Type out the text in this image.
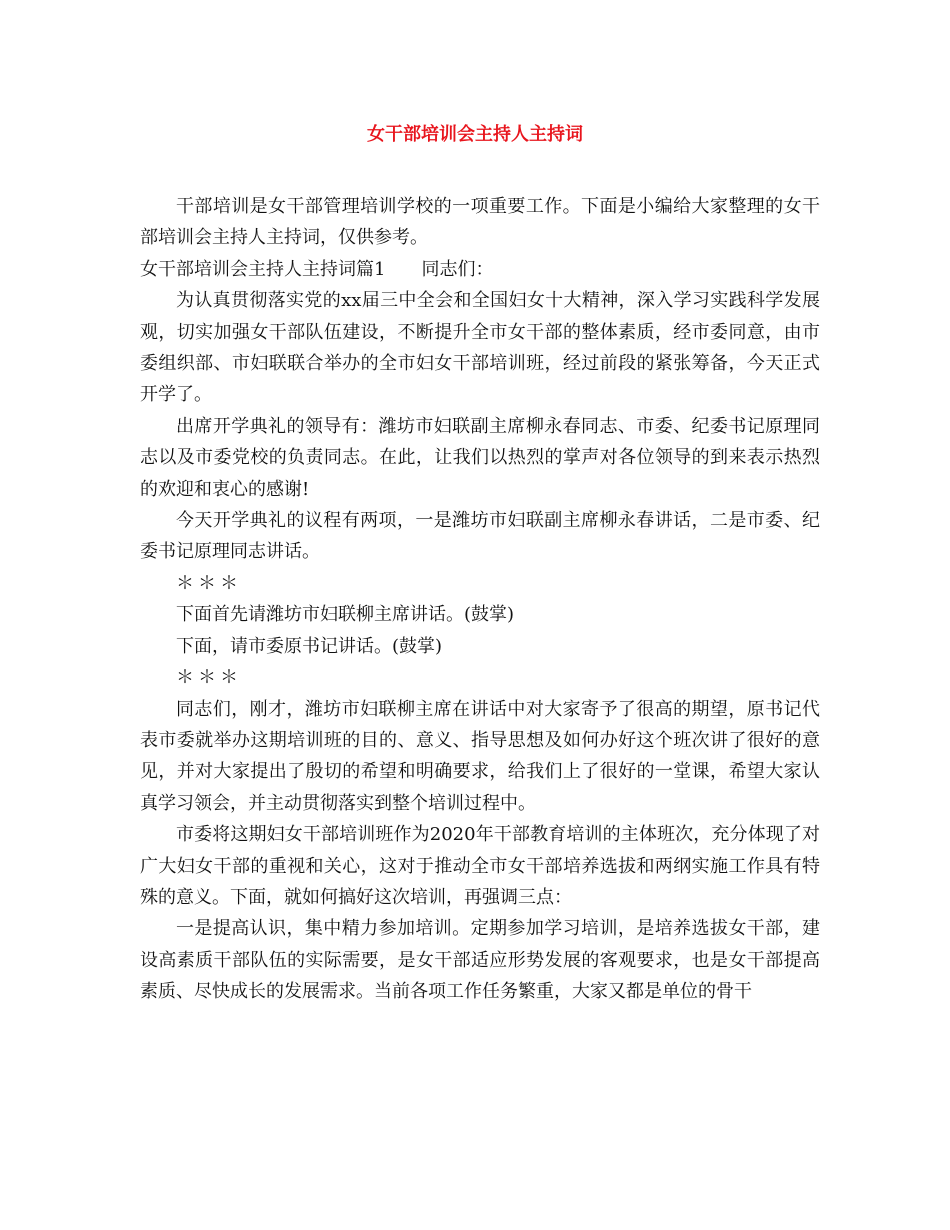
女干部培训会主持人主持词

干部培训是女干部管理培训学校的一项重要工作。下面是小编给大家整理的女干部培训会主持人主持词，仅供参考。

女干部培训会主持人主持词篇1 同志们：

为认真贯彻落实党的xx届三中全会和全国妇女十大精神，深入学习实践科学发展观，切实加强女干部队伍建设，不断提升全市女干部的整体素质，经市委同意，由市委组织部、市妇联联合举办的全市妇女干部培训班，经过前段的紧张筹备，今天正式开学了。

出席开学典礼的领导有：潍坊市妇联副主席柳永春同志、市委、纪委书记原理同志以及市委党校的负责同志。在此，让我们以热烈的掌声对各位领导的到来表示热烈的欢迎和衷心的感谢!

今天开学典礼的议程有两项，一是潍坊市妇联副主席柳永春讲话，二是市委、纪委书记原理同志讲话。

＊＊＊

下面首先请潍坊市妇联柳主席讲话。(鼓掌)

下面，请市委原书记讲话。(鼓掌)

＊＊＊

同志们，刚才，潍坊市妇联柳主席在讲话中对大家寄予了很高的期望，原书记代表市委就举办这期培训班的目的、意义、指导思想及如何办好这个班次讲了很好的意见，并对大家提出了殷切的希望和明确要求，给我们上了很好的一堂课，希望大家认真学习领会，并主动贯彻落实到整个培训过程中。

市委将这期妇女干部培训班作为2020年干部教育培训的主体班次，充分体现了对广大妇女干部的重视和关心，这对于推动全市女干部培养选拔和两纲实施工作具有特殊的意义。下面，就如何搞好这次培训，再强调三点：

一是提高认识，集中精力参加培训。定期参加学习培训，是培养选拔女干部，建设高素质干部队伍的实际需要，是女干部适应形势发展的客观要求，也是女干部提高素质、尽快成长的发展需求。当前各项工作任务繁重，大家又都是单位的骨干
